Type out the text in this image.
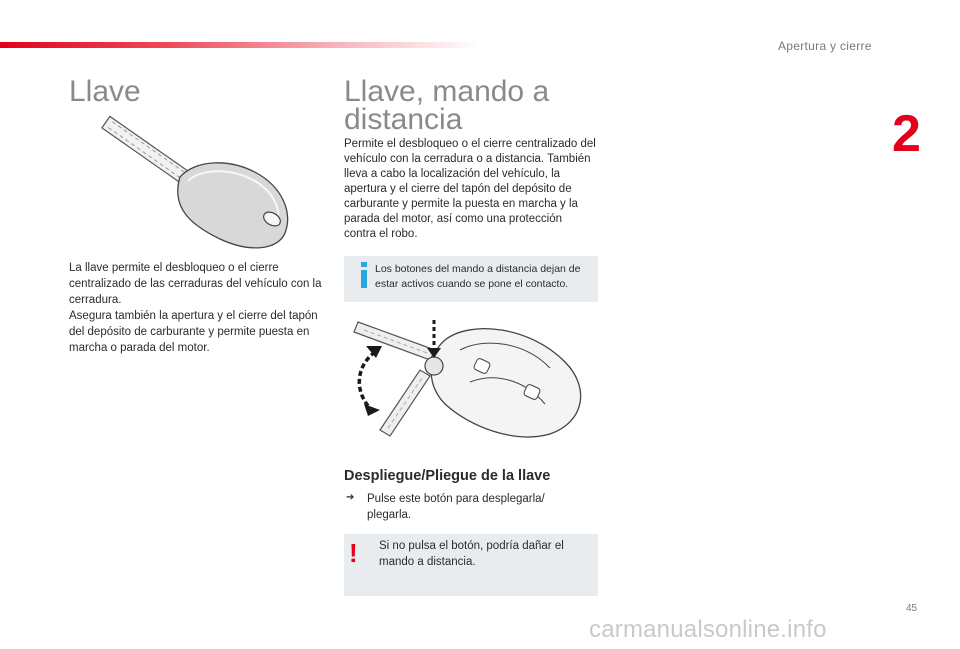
Apertura y cierre
2
Llave
La llave permite el desbloqueo o el cierre centralizado de las cerraduras del vehículo con la cerradura.
Asegura también la apertura y el cierre del tapón del depósito de carburante y permite puesta en marcha o parada del motor.
Llave, mando a distancia
Permite el desbloqueo o el cierre centralizado del vehículo con la cerradura o a distancia. También lleva a cabo la localización del vehículo, la apertura y el cierre del tapón del depósito de carburante y permite la puesta en marcha y la parada del motor, así como una protección contra el robo.
Los botones del mando a distancia dejan de estar activos cuando se pone el contacto.
Despliegue/Pliegue de la llave
➔ Pulse este botón para desplegarla/ plegarla.
! Si no pulsa el botón, podría dañar el mando a distancia.
45
carmanualsonline.info
